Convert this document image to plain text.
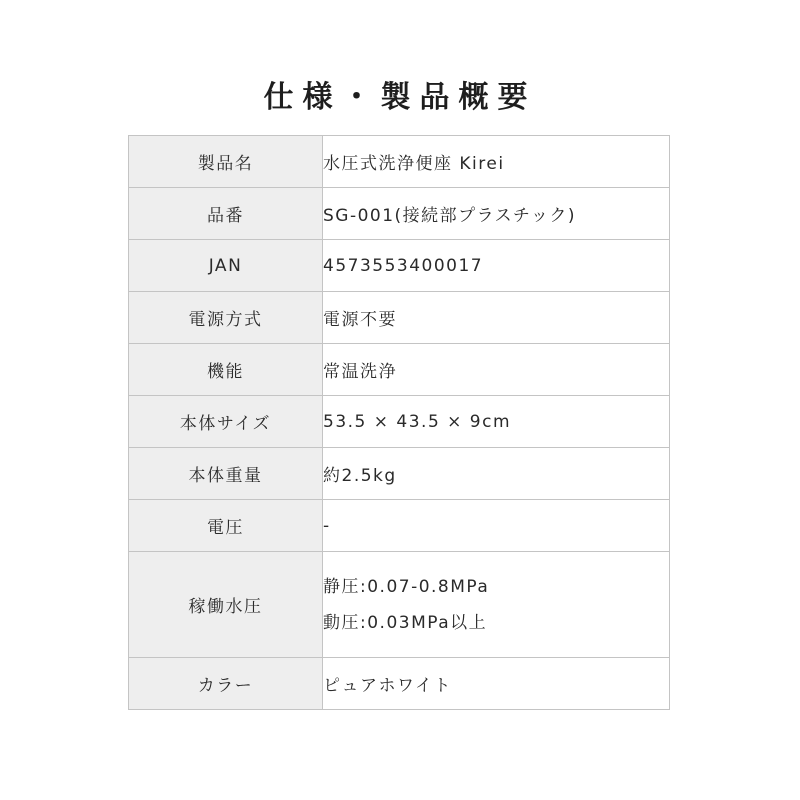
仕様・製品概要
製品名	水圧式洗浄便座 Kirei
品番	SG-001(接続部プラスチック)
JAN	4573553400017
電源方式	電源不要
機能	常温洗浄
本体サイズ	53.5 × 43.5 × 9cm
本体重量	約2.5kg
電圧	-
稼働水圧	静圧:0.07-0.8MPa
動圧:0.03MPa以上

カラー	ピュアホワイト
